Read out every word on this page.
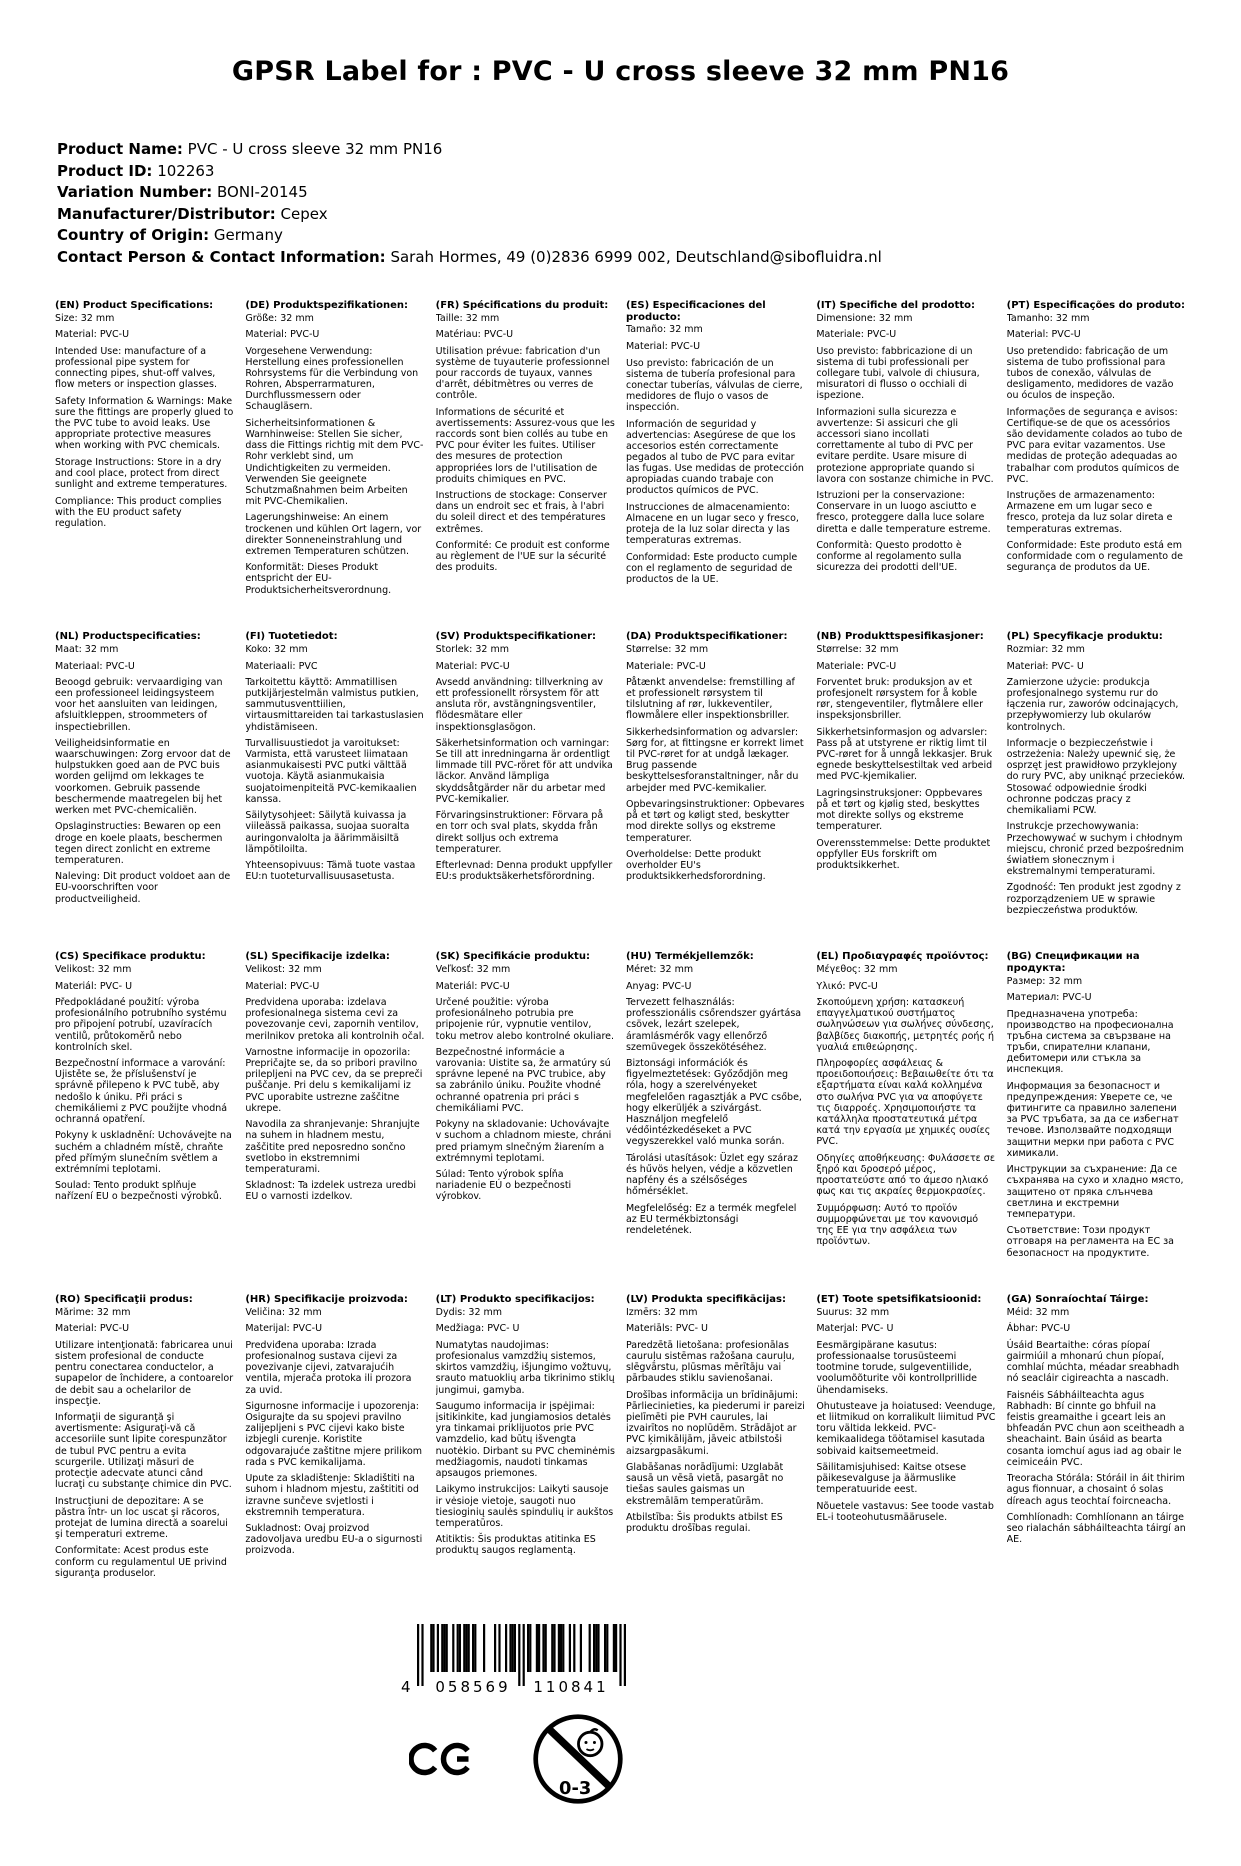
GPSR Label for : PVC - U cross sleeve 32 mm PN16
Product Name: PVC - U cross sleeve 32 mm PN16
Product ID: 102263
Variation Number: BONI-20145
Manufacturer/Distributor: Cepex
Country of Origin: Germany
Contact Person & Contact Information: Sarah Hormes, 49 (0)2836 6999 002, Deutschland@sibofluidra.nl
(EN) Product Specifications:

Size: 32 mm

Material: PVC-U

Intended Use: manufacture of a professional pipe system for connecting pipes, shut-off valves, flow meters or inspection glasses.

Safety Information & Warnings: Make sure the fittings are properly glued to the PVC tube to avoid leaks. Use appropriate protective measures when working with PVC chemicals.

Storage Instructions: Store in a dry and cool place, protect from direct sunlight and extreme temperatures.

Compliance: This product complies with the EU product safety regulation.

(DE) Produktspezifikationen:

Größe: 32 mm

Material: PVC-U

Vorgesehene Verwendung: Herstellung eines professionellen Rohrsystems für die Verbindung von Rohren, Absperrarmaturen, Durchflussmessern oder Schaugläsern.

Sicherheitsinformationen & Warnhinweise: Stellen Sie sicher, dass die Fittings richtig mit dem PVC-Rohr verklebt sind, um Undichtigkeiten zu vermeiden. Verwenden Sie geeignete Schutzmaßnahmen beim Arbeiten mit PVC-Chemikalien.

Lagerungshinweise: An einem trockenen und kühlen Ort lagern, vor direkter Sonneneinstrahlung und extremen Temperaturen schützen.

Konformität: Dieses Produkt entspricht der EU-Produktsicherheitsverordnung.

(FR) Spécifications du produit:

Taille: 32 mm

Matériau: PVC-U

Utilisation prévue: fabrication d'un système de tuyauterie professionnel pour raccords de tuyaux, vannes d'arrêt, débitmètres ou verres de contrôle.

Informations de sécurité et avertissements: Assurez-vous que les raccords sont bien collés au tube en PVC pour éviter les fuites. Utiliser des mesures de protection appropriées lors de l'utilisation de produits chimiques en PVC.

Instructions de stockage: Conserver dans un endroit sec et frais, à l'abri du soleil direct et des températures extrêmes.

Conformité: Ce produit est conforme au règlement de l'UE sur la sécurité des produits.

(ES) Especificaciones del producto:

Tamaño: 32 mm

Material: PVC-U

Uso previsto: fabricación de un sistema de tubería profesional para conectar tuberías, válvulas de cierre, medidores de flujo o vasos de inspección.

Información de seguridad y advertencias: Asegúrese de que los accesorios estén correctamente pegados al tubo de PVC para evitar las fugas. Use medidas de protección apropiadas cuando trabaje con productos químicos de PVC.

Instrucciones de almacenamiento: Almacene en un lugar seco y fresco, proteja de la luz solar directa y las temperaturas extremas.

Conformidad: Este producto cumple con el reglamento de seguridad de productos de la UE.

(IT) Specifiche del prodotto:

Dimensione: 32 mm

Materiale: PVC-U

Uso previsto: fabbricazione di un sistema di tubi professionali per collegare tubi, valvole di chiusura, misuratori di flusso o occhiali di ispezione.

Informazioni sulla sicurezza e avvertenze: Si assicuri che gli accessori siano incollati correttamente al tubo di PVC per evitare perdite. Usare misure di protezione appropriate quando si lavora con sostanze chimiche in PVC.

Istruzioni per la conservazione: Conservare in un luogo asciutto e fresco, proteggere dalla luce solare diretta e dalle temperature estreme.

Conformità: Questo prodotto è conforme al regolamento sulla sicurezza dei prodotti dell'UE.

(PT) Especificações do produto:

Tamanho: 32 mm

Material: PVC-U

Uso pretendido: fabricação de um sistema de tubo profissional para tubos de conexão, válvulas de desligamento, medidores de vazão ou óculos de inspeção.

Informações de segurança e avisos: Certifique-se de que os acessórios são devidamente colados ao tubo de PVC para evitar vazamentos. Use medidas de proteção adequadas ao trabalhar com produtos químicos de PVC.

Instruções de armazenamento: Armazene em um lugar seco e fresco, proteja da luz solar direta e temperaturas extremas.

Conformidade: Este produto está em conformidade com o regulamento de segurança de produtos da UE.

(NL) Productspecificaties:

Maat: 32 mm

Materiaal: PVC-U

Beoogd gebruik: vervaardiging van een professioneel leidingsysteem voor het aansluiten van leidingen, afsluitkleppen, stroommeters of inspectiebrillen.

Veiligheidsinformatie en waarschuwingen: Zorg ervoor dat de hulpstukken goed aan de PVC buis worden gelijmd om lekkages te voorkomen. Gebruik passende beschermende maatregelen bij het werken met PVC-chemicaliën.

Opslaginstructies: Bewaren op een droge en koele plaats, beschermen tegen direct zonlicht en extreme temperaturen.

Naleving: Dit product voldoet aan de EU-voorschriften voor productveiligheid.

(FI) Tuotetiedot:

Koko: 32 mm

Materiaali: PVC

Tarkoitettu käyttö: Ammatillisen putkijärjestelmän valmistus putkien, sammutusventtiilien, virtausmittareiden tai tarkastuslasien yhdistämiseen.

Turvallisuustiedot ja varoitukset: Varmista, että varusteet liimataan asianmukaisesti PVC putki välttää vuotoja. Käytä asianmukaisia suojatoimenpiteitä PVC-kemikaalien kanssa.

Säilytysohjeet: Säilytä kuivassa ja viileässä paikassa, suojaa suoralta auringonvalolta ja äärimmäisiltä lämpötiloilta.

Yhteensopivuus: Tämä tuote vastaa EU:n tuoteturvallisuusasetusta.

(SV) Produktspecifikationer:

Storlek: 32 mm

Material: PVC-U

Avsedd användning: tillverkning av ett professionellt rörsystem för att ansluta rör, avstängningsventiler, flödesmätare eller inspektionsglasögon.

Säkerhetsinformation och varningar: Se till att inredningarna är ordentligt limmade till PVC-röret för att undvika läckor. Använd lämpliga skyddsåtgärder när du arbetar med PVC-kemikalier.

Förvaringsinstruktioner: Förvara på en torr och sval plats, skydda från direkt solljus och extrema temperaturer.

Efterlevnad: Denna produkt uppfyller EU:s produktsäkerhetsförordning.

(DA) Produktspecifikationer:

Størrelse: 32 mm

Materiale: PVC-U

Påtænkt anvendelse: fremstilling af et professionelt rørsystem til tilslutning af rør, lukkeventiler, flowmålere eller inspektionsbriller.

Sikkerhedsinformation og advarsler: Sørg for, at fittingsne er korrekt limet til PVC-røret for at undgå lækager. Brug passende beskyttelsesforanstaltninger, når du arbejder med PVC-kemikalier.

Opbevaringsinstruktioner: Opbevares på et tørt og køligt sted, beskytter mod direkte sollys og ekstreme temperaturer.

Overholdelse: Dette produkt overholder EU's produktsikkerhedsforordning.

(NB) Produkttspesifikasjoner:

Størrelse: 32 mm

Materiale: PVC-U

Forventet bruk: produksjon av et profesjonelt rørsystem for å koble rør, stengeventiler, flytmålere eller inspeksjonsbriller.

Sikkerhetsinformasjon og advarsler: Pass på at utstyrene er riktig limt til PVC-røret for å unngå lekkasjer. Bruk egnede beskyttelsestiltak ved arbeid med PVC-kjemikalier.

Lagringsinstruksjoner: Oppbevares på et tørt og kjølig sted, beskyttes mot direkte sollys og ekstreme temperaturer.

Overensstemmelse: Dette produktet oppfyller EUs forskrift om produktsikkerhet.

(PL) Specyfikacje produktu:

Rozmiar: 32 mm

Materiał: PVC- U

Zamierzone użycie: produkcja profesjonalnego systemu rur do łączenia rur, zaworów odcinających, przepływomierzy lub okularów kontrolnych.

Informacje o bezpieczeństwie i ostrzeżenia: Należy upewnić się, że osprzęt jest prawidłowo przyklejony do rury PVC, aby uniknąć przecieków. Stosować odpowiednie środki ochronne podczas pracy z chemikaliami PCW.

Instrukcje przechowywania: Przechowywać w suchym i chłodnym miejscu, chronić przed bezpośrednim światłem słonecznym i ekstremalnymi temperaturami.

Zgodność: Ten produkt jest zgodny z rozporządzeniem UE w sprawie bezpieczeństwa produktów.

(CS) Specifikace produktu:

Velikost: 32 mm

Materiál: PVC- U

Předpokládané použití: výroba profesionálního potrubního systému pro připojení potrubí, uzavíracích ventilů, průtokoměrů nebo kontrolních skel.

Bezpečnostní informace a varování: Ujistěte se, že příslušenství je správně přilepeno k PVC tubě, aby nedošlo k úniku. Při práci s chemikáliemi z PVC použijte vhodná ochranná opatření.

Pokyny k uskladnění: Uchovávejte na suchém a chladném místě, chraňte před přímým slunečním světlem a extrémními teplotami.

Soulad: Tento produkt splňuje nařízení EU o bezpečnosti výrobků.

(SL) Specifikacije izdelka:

Velikost: 32 mm

Material: PVC-U

Predvidena uporaba: izdelava profesionalnega sistema cevi za povezovanje cevi, zapornih ventilov, merilnikov pretoka ali kontrolnih očal.

Varnostne informacije in opozorila: Prepričajte se, da so pribori pravilno prilepljeni na PVC cev, da se prepreči puščanje. Pri delu s kemikalijami iz PVC uporabite ustrezne zaščitne ukrepe.

Navodila za shranjevanje: Shranjujte na suhem in hladnem mestu, zaščitite pred neposredno sončno svetlobo in ekstremnimi temperaturami.

Skladnost: Ta izdelek ustreza uredbi EU o varnosti izdelkov.

(SK) Špecifikácie produktu:

Veľkosť: 32 mm

Materiál: PVC-U

Určené použitie: výroba profesionálneho potrubia pre pripojenie rúr, vypnutie ventilov, toku metrov alebo kontrolné okuliare.

Bezpečnostné informácie a varovania: Uistite sa, že armatúry sú správne lepené na PVC trubice, aby sa zabránilo úniku. Použite vhodné ochranné opatrenia pri práci s chemikáliami PVC.

Pokyny na skladovanie: Uchovávajte v suchom a chladnom mieste, chráni pred priamym slnečným žiarením a extrémnymi teplotami.

Súlad: Tento výrobok spĺňa nariadenie EÚ o bezpečnosti výrobkov.

(HU) Termékjellemzők:

Méret: 32 mm

Anyag: PVC-U

Tervezett felhasználás: professzionális csőrendszer gyártása csövek, lezárt szelepek, áramlásmérők vagy ellenőrző szemüvegek összekötéséhez.

Biztonsági információk és figyelmeztetések: Győződjön meg róla, hogy a szerelvényeket megfelelően ragasztják a PVC csőbe, hogy elkerüljék a szivárgást. Használjon megfelelő védőintézkedéseket a PVC vegyszerekkel való munka során.

Tárolási utasítások: Üzlet egy száraz és hűvös helyen, védje a közvetlen napfény és a szélsőséges hőmérséklet.

Megfelelőség: Ez a termék megfelel az EU termékbiztonsági rendeletének.

(EL) Προδιαγραφές προϊόντος:

Μέγεθος: 32 mm

Υλικό: PVC-U

Σκοπούμενη χρήση: κατασκευή επαγγελματικού συστήματος σωληνώσεων για σωλήνες σύνδεσης, βαλβίδες διακοπής, μετρητές ροής ή γυαλιά επιθεώρησης.

Πληροφορίες ασφάλειας & προειδοποιήσεις: Βεβαιωθείτε ότι τα εξαρτήματα είναι καλά κολλημένα στο σωλήνα PVC για να αποφύγετε τις διαρροές. Χρησιμοποιήστε τα κατάλληλα προστατευτικά μέτρα κατά την εργασία με χημικές ουσίες PVC.

Οδηγίες αποθήκευσης: Φυλάσσετε σε ξηρό και δροσερό μέρος, προστατεύστε από το άμεσο ηλιακό φως και τις ακραίες θερμοκρασίες.

Συμμόρφωση: Αυτό το προϊόν συμμορφώνεται με τον κανονισμό της ΕΕ για την ασφάλεια των προϊόντων.

(BG) Спецификации на продукта:

Размер: 32 mm

Материал: PVC-U

Предназначена употреба: производство на професионална тръбна система за свързване на тръби, спирателни клапани, дебитомери или стъкла за инспекция.

Информация за безопасност и предупреждения: Уверете се, че фитингите са правилно залепени за PVC тръбата, за да се избегнат течове. Използвайте подходящи защитни мерки при работа с PVC химикали.

Инструкции за съхранение: Да се съхранява на сухо и хладно място, защитено от пряка слънчева светлина и екстремни температури.

Съответствие: Този продукт отговаря на регламента на ЕС за безопасност на продуктите.

(RO) Specificaţii produs:

Mărime: 32 mm

Material: PVC-U

Utilizare intenţionată: fabricarea unui sistem profesional de conducte pentru conectarea conductelor, a supapelor de închidere, a contoarelor de debit sau a ochelarilor de inspecţie.

Informaţii de siguranţă şi avertismente: Asiguraţi-vă că accesoriile sunt lipite corespunzător de tubul PVC pentru a evita scurgerile. Utilizaţi măsuri de protecţie adecvate atunci când lucraţi cu substanţe chimice din PVC.

Instrucţiuni de depozitare: A se păstra într- un loc uscat şi răcoros, protejat de lumina directă a soarelui şi temperaturi extreme.

Conformitate: Acest produs este conform cu regulamentul UE privind siguranţa produselor.

(HR) Specifikacije proizvoda:

Veličina: 32 mm

Materijal: PVC-U

Predviđena uporaba: Izrada profesionalnog sustava cijevi za povezivanje cijevi, zatvarajućih ventila, mjerača protoka ili prozora za uvid.

Sigurnosne informacije i upozorenja: Osigurajte da su spojevi pravilno zalijepljeni s PVC cijevi kako biste izbjegli curenje. Koristite odgovarajuće zaštitne mjere prilikom rada s PVC kemikalijama.

Upute za skladištenje: Skladištiti na suhom i hladnom mjestu, zaštititi od izravne sunčeve svjetlosti i ekstremnih temperatura.

Sukladnost: Ovaj proizvod zadovoljava uredbu EU-a o sigurnosti proizvoda.

(LT) Produkto specifikacijos:

Dydis: 32 mm

Medžiaga: PVC- U

Numatytas naudojimas: profesionalus vamzdžių sistemos, skirtos vamzdžių, išjungimo vožtuvų, srauto matuoklių arba tikrinimo stiklų jungimui, gamyba.

Saugumo informacija ir įspėjimai: įsitikinkite, kad jungiamosios detalės yra tinkamai priklijuotos prie PVC vamzdelio, kad būtų išvengta nuotėkio. Dirbant su PVC cheminėmis medžiagomis, naudoti tinkamas apsaugos priemones.

Laikymo instrukcijos: Laikyti sausoje ir vėsioje vietoje, saugoti nuo tiesioginių saulės spindulių ir aukštos temperatūros.

Atitiktis: Šis produktas atitinka ES produktų saugos reglamentą.

(LV) Produkta specifikācijas:

Izmērs: 32 mm

Materiāls: PVC- U

Paredzētā lietošana: profesionālas cauruļu sistēmas ražošana cauruļu, slēgvārstu, plūsmas mērītāju vai pārbaudes stiklu savienošanai.

Drošības informācija un brīdinājumi: Pārliecinieties, ka piederumi ir pareizi pielīmēti pie PVH caurules, lai izvairītos no noplūdēm. Strādājot ar PVC ķimikālijām, jāveic atbilstoši aizsargpasākumi.

Glabāšanas norādījumi: Uzglabāt sausā un vēsā vietā, pasargāt no tiešas saules gaismas un ekstremālām temperatūrām.

Atbilstība: Šis produkts atbilst ES produktu drošības regulai.

(ET) Toote spetsifikatsioonid:

Suurus: 32 mm

Materjal: PVC- U

Eesmärgipärane kasutus: professionaalse torusüsteemi tootmine torude, sulgeventiilide, voolumõõturite või kontrollprillide ühendamiseks.

Ohutusteave ja hoiatused: Veenduge, et liitmikud on korralikult liimitud PVC toru vältida lekkeid. PVC-kemikaalidega töötamisel kasutada sobivaid kaitsemeetmeid.

Säilitamisjuhised: Kaitse otsese päikesevalguse ja äärmuslike temperatuuride eest.

Nõuetele vastavus: See toode vastab EL-i tooteohutusmäärusele.

(GA) Sonraíochtaí Táirge:

Méid: 32 mm

Ábhar: PVC-U

Úsáid Beartaithe: córas píopaí gairmiúil a mhonarú chun píopaí, comhlaí múchta, méadar sreabhadh nó seacláir cigireachta a nascadh.

Faisnéis Sábháilteachta agus Rabhadh: Bí cinnte go bhfuil na feistis greamaithe i gceart leis an bhfeadán PVC chun aon sceitheadh a sheachaint. Bain úsáid as bearta cosanta iomchuí agus iad ag obair le ceimiceáin PVC.

Treoracha Stórála: Stóráil in áit thirim agus fionnuar, a chosaint ó solas díreach agus teochtaí foircneacha.

Comhlíonadh: Comhlíonann an táirge seo rialachán sábháilteachta táirgí an AE.

4 058569 110841
0-3
